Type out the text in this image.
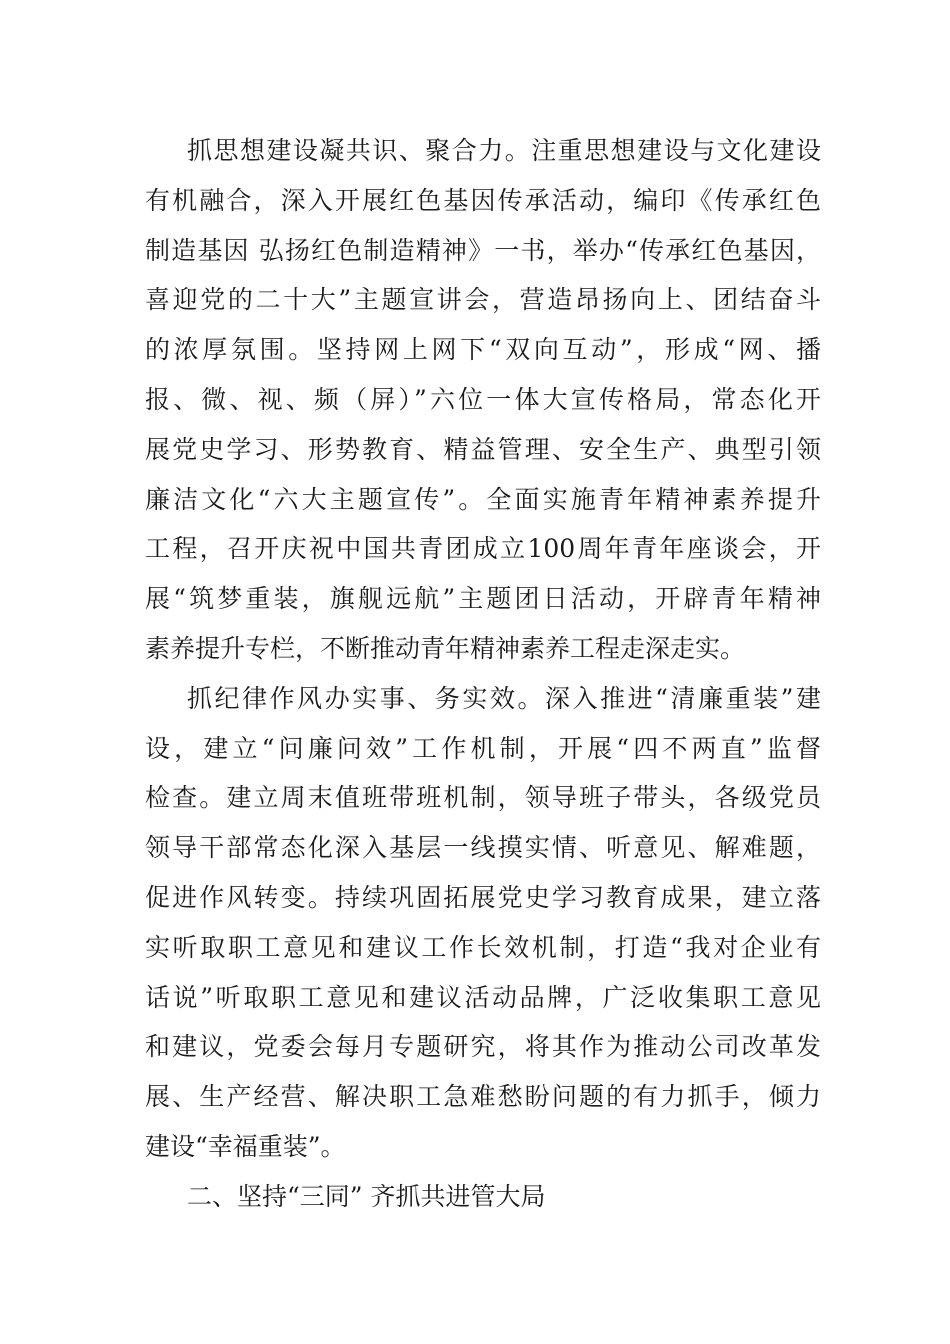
抓思想建设凝共识、聚合力。注重思想建设与文化建设
有机融合，深入开展红色基因传承活动，编印《传承红色
制造基因 弘扬红色制造精神》一书，举办“传承红色基因，
喜迎党的二十大”主题宣讲会，营造昂扬向上、团结奋斗
的浓厚氛围。坚持网上网下“双向互动”，形成“网、播
报、微、视、频（屏）”六位一体大宣传格局，常态化开
展党史学习、形势教育、精益管理、安全生产、典型引领
廉洁文化“六大主题宣传”。全面实施青年精神素养提升
工程，召开庆祝中国共青团成立100周年青年座谈会，开
展“筑梦重装，旗舰远航”主题团日活动，开辟青年精神
素养提升专栏，不断推动青年精神素养工程走深走实。
抓纪律作风办实事、务实效。深入推进“清廉重装”建
设，建立“问廉问效”工作机制，开展“四不两直”监督
检查。建立周末值班带班机制，领导班子带头，各级党员
领导干部常态化深入基层一线摸实情、听意见、解难题，
促进作风转变。持续巩固拓展党史学习教育成果，建立落
实听取职工意见和建议工作长效机制，打造“我对企业有
话说”听取职工意见和建议活动品牌，广泛收集职工意见
和建议，党委会每月专题研究，将其作为推动公司改革发
展、生产经营、解决职工急难愁盼问题的有力抓手，倾力
建设“幸福重装”。
二、坚持“三同” 齐抓共进管大局
